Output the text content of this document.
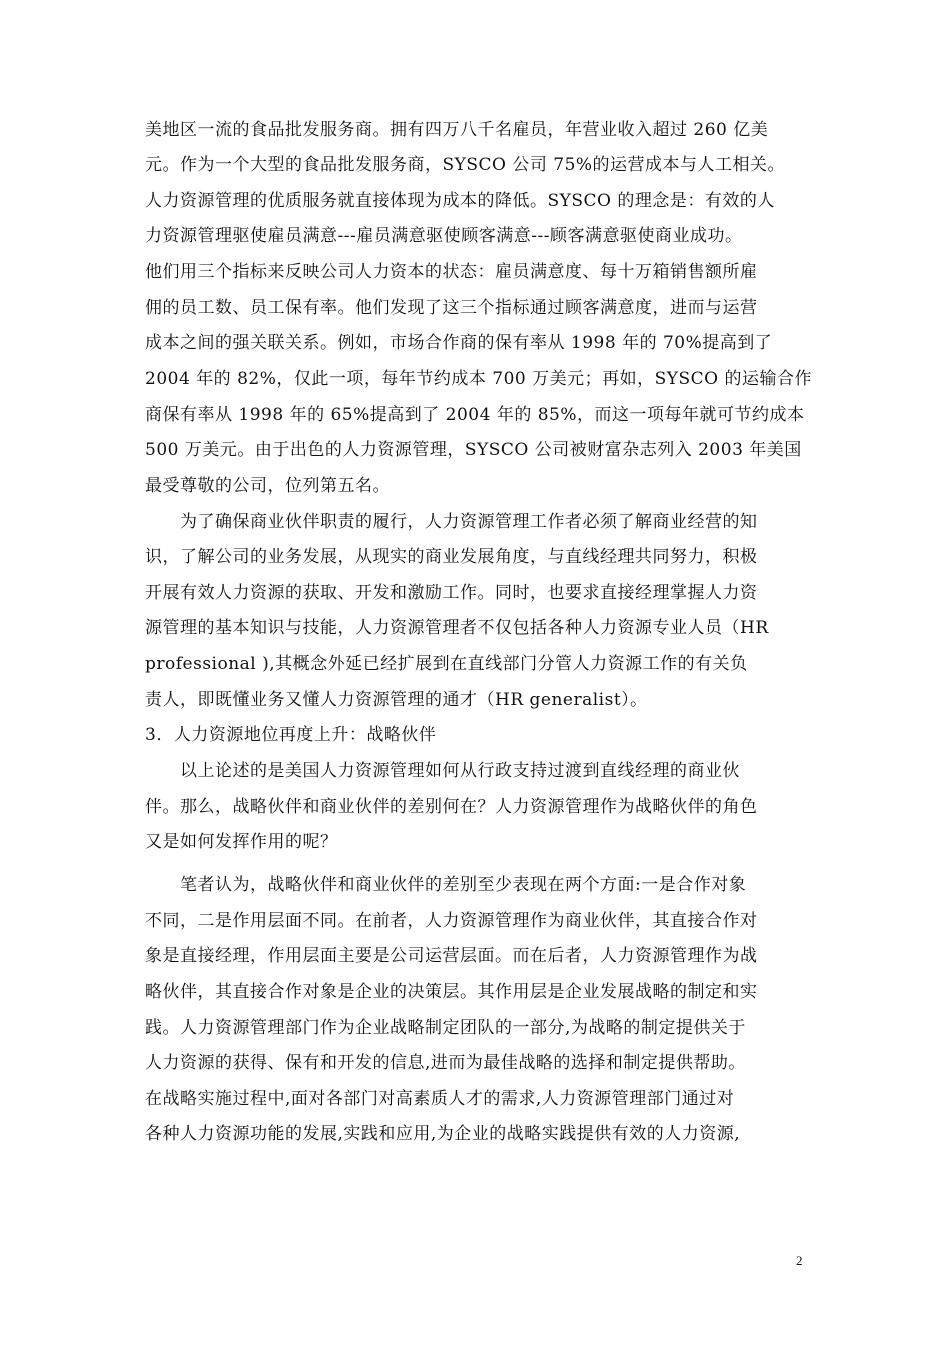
美地区一流的食品批发服务商。拥有四万八千名雇员，年营业收入超过 260 亿美
元。作为一个大型的食品批发服务商，SYSCO 公司 75%的运营成本与人工相关。
人力资源管理的优质服务就直接体现为成本的降低。SYSCO 的理念是：有效的人
力资源管理驱使雇员满意---雇员满意驱使顾客满意---顾客满意驱使商业成功。
他们用三个指标来反映公司人力资本的状态：雇员满意度、每十万箱销售额所雇
佣的员工数、员工保有率。他们发现了这三个指标通过顾客满意度，进而与运营
成本之间的强关联关系。例如，市场合作商的保有率从 1998 年的 70%提高到了
2004 年的 82%，仅此一项，每年节约成本 700 万美元；再如，SYSCO 的运输合作
商保有率从 1998 年的 65%提高到了 2004 年的 85%，而这一项每年就可节约成本
500 万美元。由于出色的人力资源管理，SYSCO 公司被财富杂志列入 2003 年美国
最受尊敬的公司，位列第五名。
为了确保商业伙伴职责的履行，人力资源管理工作者必须了解商业经营的知
识，了解公司的业务发展，从现实的商业发展角度，与直线经理共同努力，积极
开展有效人力资源的获取、开发和激励工作。同时，也要求直接经理掌握人力资
源管理的基本知识与技能，人力资源管理者不仅包括各种人力资源专业人员（HR
professional ),其概念外延已经扩展到在直线部门分管人力资源工作的有关负
责人，即既懂业务又懂人力资源管理的通才（HR generalist）。
3．人力资源地位再度上升：战略伙伴
以上论述的是美国人力资源管理如何从行政支持过渡到直线经理的商业伙
伴。那么，战略伙伴和商业伙伴的差别何在？人力资源管理作为战略伙伴的角色
又是如何发挥作用的呢？
笔者认为，战略伙伴和商业伙伴的差别至少表现在两个方面:一是合作对象
不同，二是作用层面不同。在前者，人力资源管理作为商业伙伴，其直接合作对
象是直接经理，作用层面主要是公司运营层面。而在后者，人力资源管理作为战
略伙伴，其直接合作对象是企业的决策层。其作用层是企业发展战略的制定和实
践。人力资源管理部门作为企业战略制定团队的一部分,为战略的制定提供关于
人力资源的获得、保有和开发的信息,进而为最佳战略的选择和制定提供帮助。
在战略实施过程中,面对各部门对高素质人才的需求,人力资源管理部门通过对
各种人力资源功能的发展,实践和应用,为企业的战略实践提供有效的人力资源,
2
